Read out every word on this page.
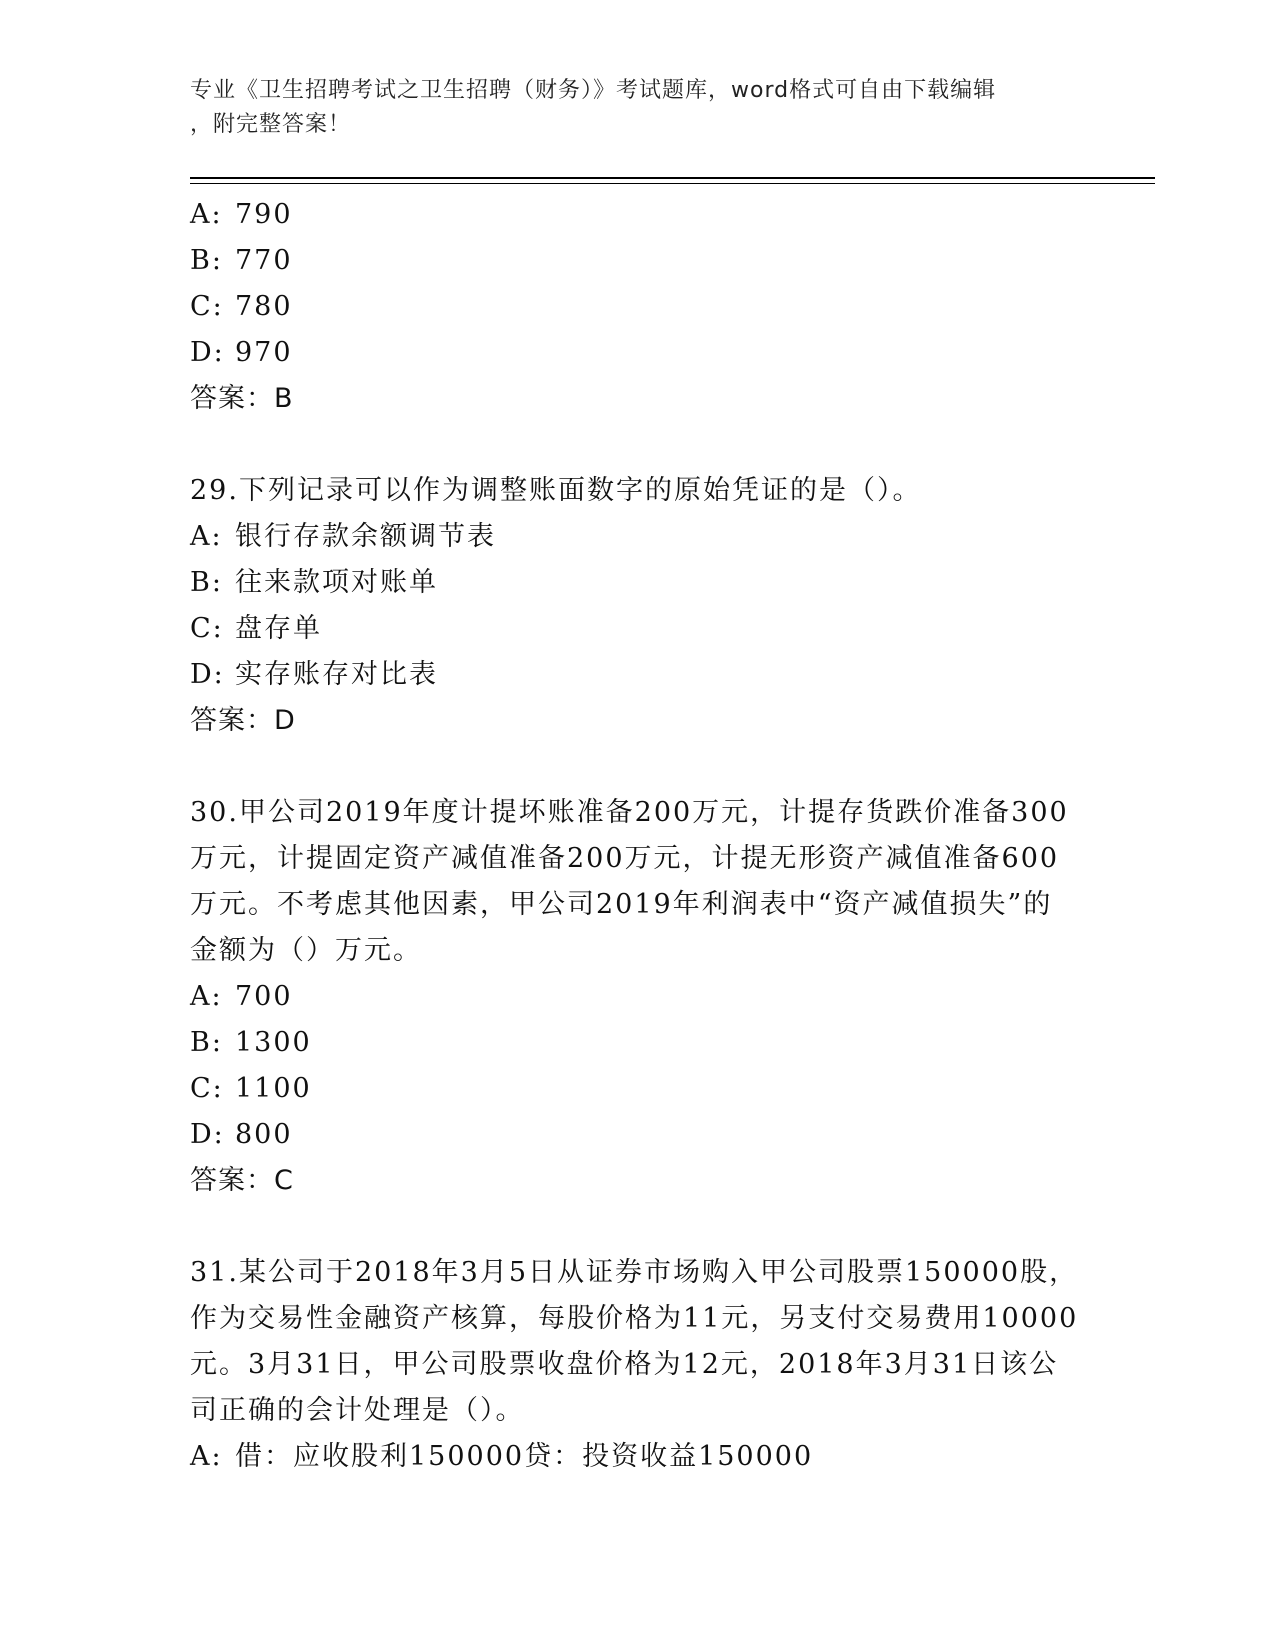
专业《卫生招聘考试之卫生招聘（财务）》考试题库，word格式可自由下载编辑
，附完整答案！
A: 790
B: 770
C: 780
D: 970
答案：B
29.下列记录可以作为调整账面数字的原始凭证的是（）。
A: 银行存款余额调节表
B: 往来款项对账单
C: 盘存单
D: 实存账存对比表
答案：D
30.甲公司2019年度计提坏账准备200万元，计提存货跌价准备300
万元，计提固定资产减值准备200万元，计提无形资产减值准备600
万元。不考虑其他因素，甲公司2019年利润表中“资产减值损失”的
金额为（）万元。
A: 700
B: 1300
C: 1100
D: 800
答案：C
31.某公司于2018年3月5日从证券市场购入甲公司股票150000股，
作为交易性金融资产核算，每股价格为11元，另支付交易费用10000
元。3月31日，甲公司股票收盘价格为12元，2018年3月31日该公
司正确的会计处理是（）。
A: 借：应收股利150000贷：投资收益150000
